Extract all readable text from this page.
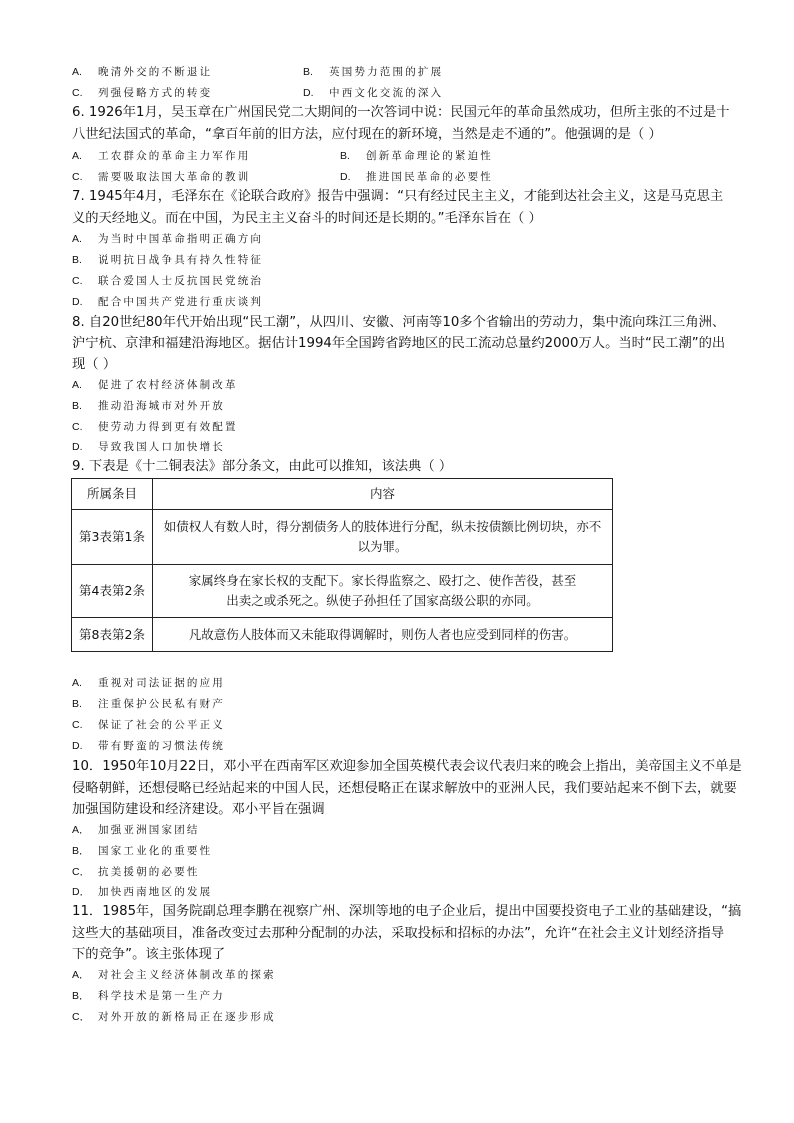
A. 晚清外交的不断退让	B. 英国势力范围的扩展
C. 列强侵略方式的转变	D. 中西文化交流的深入
6. 1926年1月，吴玉章在广州国民党二大期间的一次答词中说：民国元年的革命虽然成功，但所主张的不过是十
八世纪法国式的革命，“拿百年前的旧方法，应付现在的新环境，当然是走不通的”。他强调的是（ ）
A. 工农群众的革命主力军作用	B. 创新革命理论的紧迫性
C. 需要吸取法国大革命的教训	D. 推进国民革命的必要性
7. 1945年4月，毛泽东在《论联合政府》报告中强调：“只有经过民主主义，才能到达社会主义，这是马克思主
义的天经地义。而在中国，为民主主义奋斗的时间还是长期的。”毛泽东旨在（ ）
A. 为当时中国革命指明正确方向
B. 说明抗日战争具有持久性特征
C. 联合爱国人士反抗国民党统治
D. 配合中国共产党进行重庆谈判
8. 自20世纪80年代开始出现“民工潮”，从四川、安徽、河南等10多个省输出的劳动力，集中流向珠江三角洲、
沪宁杭、京津和福建沿海地区。据估计1994年全国跨省跨地区的民工流动总量约2000万人。当时“民工潮”的出
现（ ）
A. 促进了农村经济体制改革
B. 推动沿海城市对外开放
C. 使劳动力得到更有效配置
D. 导致我国人口加快增长
9. 下表是《十二铜表法》部分条文，由此可以推知，该法典（ ）
所属条目	内容
第3表第1条	如债权人有数人时，得分割债务人的肢体进行分配，纵未按债额比例切块，亦不
以为罪。

第4表第2条	家属终身在家长权的支配下。家长得监察之、殴打之、使作苦役，甚至
出卖之或杀死之。纵使子孙担任了国家高级公职的亦同。

第8表第2条	凡故意伤人肢体而又未能取得调解时，则伤人者也应受到同样的伤害。
A. 重视对司法证据的应用
B. 注重保护公民私有财产
C. 保证了社会的公平正义
D. 带有野蛮的习惯法传统
10．1950年10月22日，邓小平在西南军区欢迎参加全国英模代表会议代表归来的晚会上指出，美帝国主义不单是
侵略朝鲜，还想侵略已经站起来的中国人民，还想侵略正在谋求解放中的亚洲人民，我们要站起来不倒下去，就要
加强国防建设和经济建设。邓小平旨在强调
A． 加强亚洲国家团结
B． 国家工业化的重要性
C． 抗美援朝的必要性
D． 加快西南地区的发展
11．1985年，国务院副总理李鹏在视察广州、深圳等地的电子企业后，提出中国要投资电子工业的基础建设，“搞
这些大的基础项目，准备改变过去那种分配制的办法，采取投标和招标的办法”，允许“在社会主义计划经济指导
下的竞争”。该主张体现了
A． 对社会主义经济体制改革的探索
B． 科学技术是第一生产力
C． 对外开放的新格局正在逐步形成
